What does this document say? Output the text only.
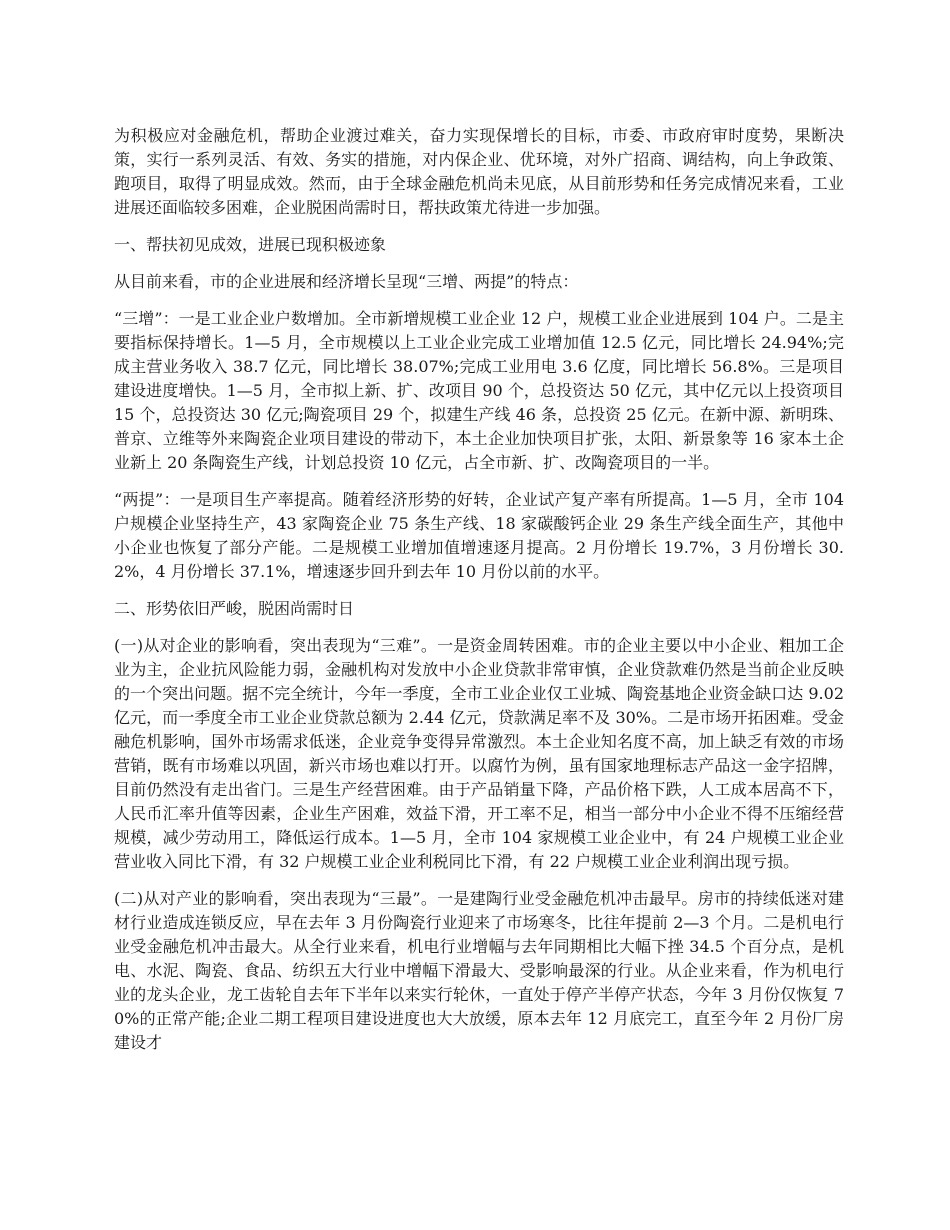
为积极应对金融危机，帮助企业渡过难关，奋力实现保增长的目标，市委、市政府审时度势，果断决策，实行一系列灵活、有效、务实的措施，对内保企业、优环境，对外广招商、调结构，向上争政策、跑项目，取得了明显成效。然而，由于全球金融危机尚未见底，从目前形势和任务完成情况来看，工业进展还面临较多困难，企业脱困尚需时日，帮扶政策尤待进一步加强。

一、帮扶初见成效，进展已现积极迹象

从目前来看，市的企业进展和经济增长呈现“三增、两提”的特点：

“三增”：一是工业企业户数增加。全市新增规模工业企业 12 户，规模工业企业进展到 104 户。二是主要指标保持增长。1—5 月，全市规模以上工业企业完成工业增加值 12.5 亿元，同比增长 24.94%;完成主营业务收入 38.7 亿元，同比增长 38.07%;完成工业用电 3.6 亿度，同比增长 56.8%。三是项目建设进度增快。1—5 月，全市拟上新、扩、改项目 90 个，总投资达 50 亿元，其中亿元以上投资项目 15 个，总投资达 30 亿元;陶瓷项目 29 个，拟建生产线 46 条，总投资 25 亿元。在新中源、新明珠、普京、立维等外来陶瓷企业项目建设的带动下，本土企业加快项目扩张，太阳、新景象等 16 家本土企业新上 20 条陶瓷生产线，计划总投资 10 亿元，占全市新、扩、改陶瓷项目的一半。

“两提”：一是项目生产率提高。随着经济形势的好转，企业试产复产率有所提高。1—5 月，全市 104 户规模企业坚持生产，43 家陶瓷企业 75 条生产线、18 家碳酸钙企业 29 条生产线全面生产，其他中小企业也恢复了部分产能。二是规模工业增加值增速逐月提高。2 月份增长 19.7%，3 月份增长 30.2%，4 月份增长 37.1%，增速逐步回升到去年 10 月份以前的水平。

二、形势依旧严峻，脱困尚需时日

(一)从对企业的影响看，突出表现为“三难”。一是资金周转困难。市的企业主要以中小企业、粗加工企业为主，企业抗风险能力弱，金融机构对发放中小企业贷款非常审慎，企业贷款难仍然是当前企业反映的一个突出问题。据不完全统计，今年一季度，全市工业企业仅工业城、陶瓷基地企业资金缺口达 9.02 亿元，而一季度全市工业企业贷款总额为 2.44 亿元，贷款满足率不及 30%。二是市场开拓困难。受金融危机影响，国外市场需求低迷，企业竞争变得异常激烈。本土企业知名度不高，加上缺乏有效的市场营销，既有市场难以巩固，新兴市场也难以打开。以腐竹为例，虽有国家地理标志产品这一金字招牌，目前仍然没有走出省门。三是生产经营困难。由于产品销量下降，产品价格下跌，人工成本居高不下，人民币汇率升值等因素，企业生产困难，效益下滑，开工率不足，相当一部分中小企业不得不压缩经营规模，减少劳动用工，降低运行成本。1—5 月，全市 104 家规模工业企业中，有 24 户规模工业企业营业收入同比下滑，有 32 户规模工业企业利税同比下滑，有 22 户规模工业企业利润出现亏损。

(二)从对产业的影响看，突出表现为“三最”。一是建陶行业受金融危机冲击最早。房市的持续低迷对建材行业造成连锁反应，早在去年 3 月份陶瓷行业迎来了市场寒冬，比往年提前 2—3 个月。二是机电行业受金融危机冲击最大。从全行业来看，机电行业增幅与去年同期相比大幅下挫 34.5 个百分点，是机电、水泥、陶瓷、食品、纺织五大行业中增幅下滑最大、受影响最深的行业。从企业来看，作为机电行业的龙头企业，龙工齿轮自去年下半年以来实行轮休，一直处于停产半停产状态，今年 3 月份仅恢复 70%的正常产能;企业二期工程项目建设进度也大大放缓，原本去年 12 月底完工，直至今年 2 月份厂房建设才
